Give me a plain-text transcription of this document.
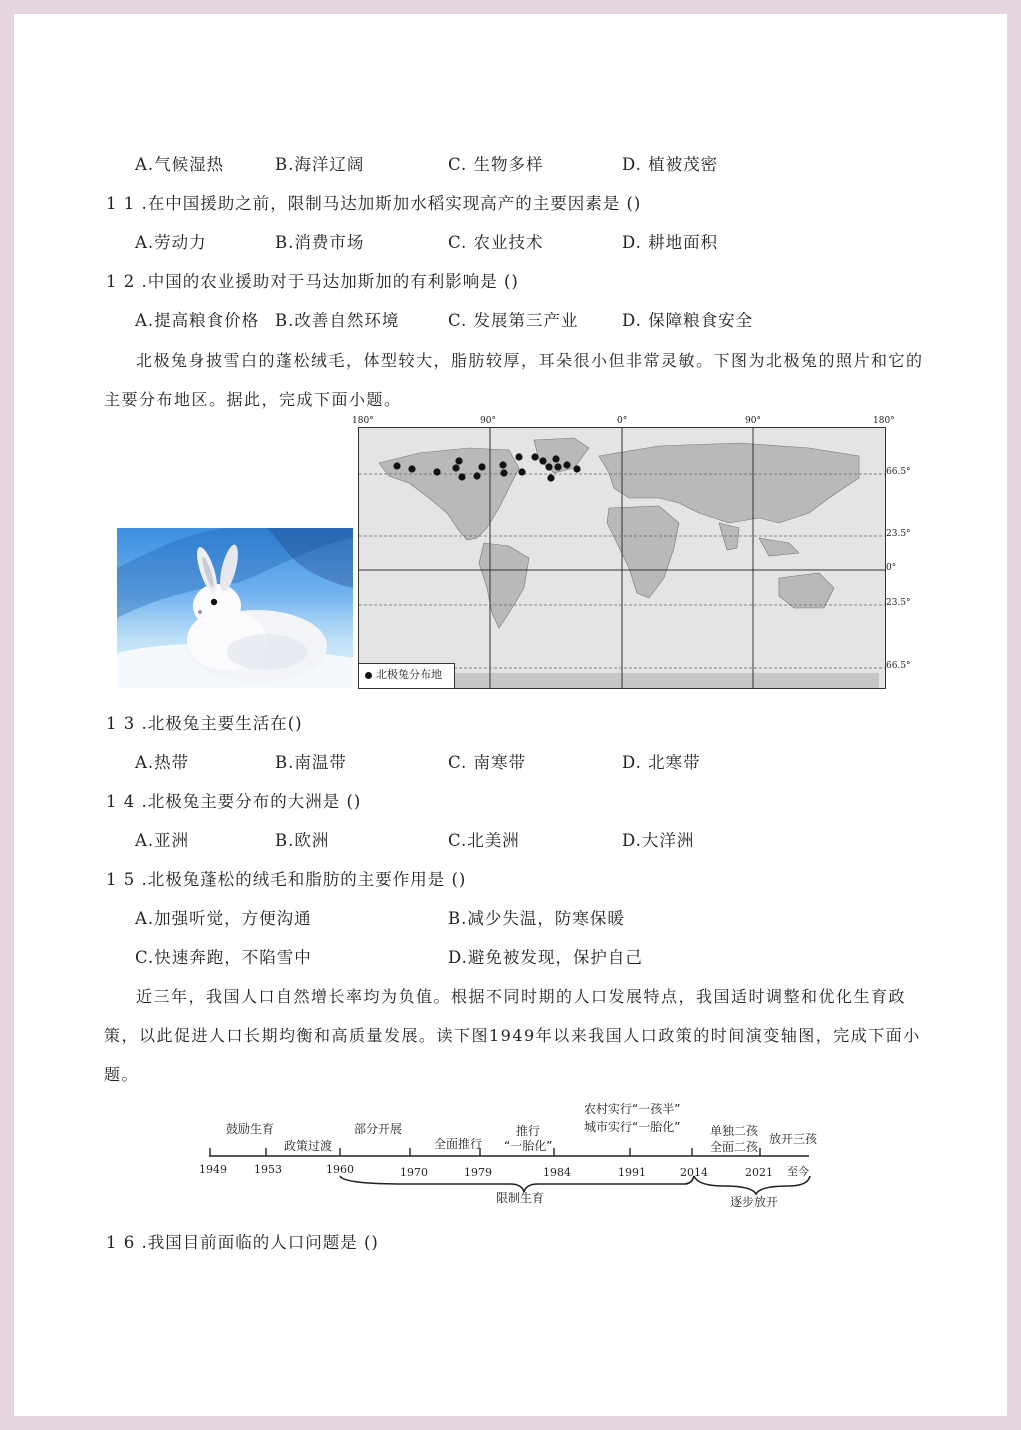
A.气候湿热	B.海洋辽阔	C. 生物多样	D. 植被茂密
1 1 .在中国援助之前，限制马达加斯加水稻实现高产的主要因素是 ()
A.劳动力	B.消费市场	C. 农业技术	D. 耕地面积
1 2 .中国的农业援助对于马达加斯加的有利影响是 ()
A.提高粮食价格 B.改善自然环境	C. 发展第三产业	D. 保障粮食安全
北极兔身披雪白的蓬松绒毛，体型较大，脂肪较厚，耳朵很小但非常灵敏。下图为北极兔的照片和它的主要分布地区。据此，完成下面小题。
180°	90°	0°	90°	180°
66.5°
23.5°
0°
23.5°
66.5°
北极兔分布地
1 3 .北极兔主要生活在()
A.热带	B.南温带	C. 南寒带	D. 北寒带
1 4 .北极兔主要分布的大洲是 ()
A.亚洲	B.欧洲	C.北美洲	D.大洋洲
1 5 .北极兔蓬松的绒毛和脂肪的主要作用是 ()
A.加强听觉，方便沟通	B.减少失温，防寒保暖
C.快速奔跑，不陷雪中	D.避免被发现，保护自己
近三年，我国人口自然增长率均为负值。根据不同时期的人口发展特点，我国适时调整和优化生育政策，以此促进人口长期均衡和高质量发展。读下图1949年以来我国人口政策的时间演变轴图，完成下面小题。
鼓励生育
政策过渡
部分开展
全面推行
推行
“一胎化”
农村实行“一孩半”
城市实行“一胎化” 单独二孩
全面二孩
放开三孩
1949 1953	1960	1970	1979	1984	1991	2014	2021 至今
限制生育	逐步放开
1 6 .我国目前面临的人口问题是 ()
